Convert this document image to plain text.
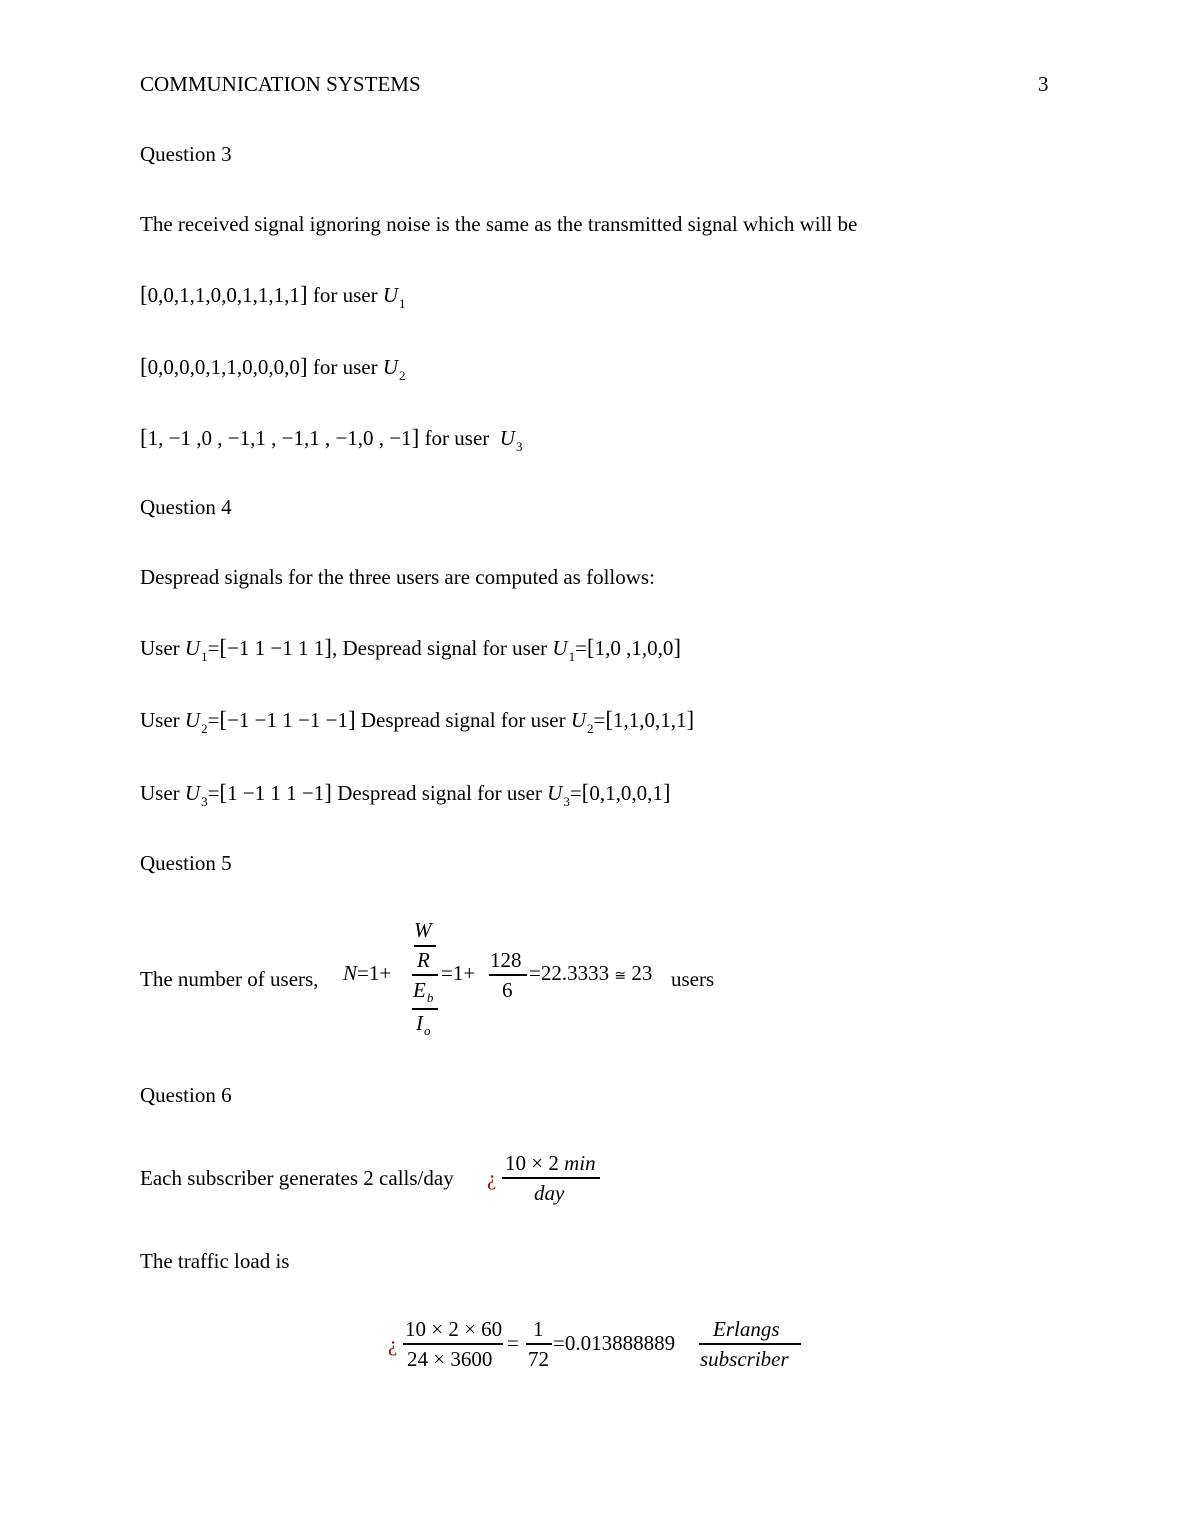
COMMUNICATION SYSTEMS	3
Question 3
The received signal ignoring noise is the same as the transmitted signal which will be
[0,0,1,1,0,0,1,1,1,1] for user $U_1$
[0,0,0,0,1,1,0,0,0,0] for user $U_2$
[1, −1 ,0 , −1,1 , −1,1 , −1,0 , −1] for user $U_3$
Question 4
Despread signals for the three users are computed as follows:
User $U_1=[-1$ 1 −1 1 1], Despread signal for user $U_1=[1,0$ ,1,0,0]
User $U_2=[-1 -1$ 1 −1 −1] Despread signal for user $U_2=[1,1,0,1,1]$
User $U_3=[1 -1$ 1 1 −1] Despread signal for user $U_3=[0,1,0,0,1]$
Question 5
The number of users, N=1+
W
R
$E_b$
$I_o$
=1+
128
6
=22.3333 ≅ 23 users
Question 6
Each subscriber generates 2 calls/day ¿
10 × 2 min
day
The traffic load is
¿
10 × 2 × 60
24 × 3600
=
1
72
=0.013888889
Erlangs
subscriber
